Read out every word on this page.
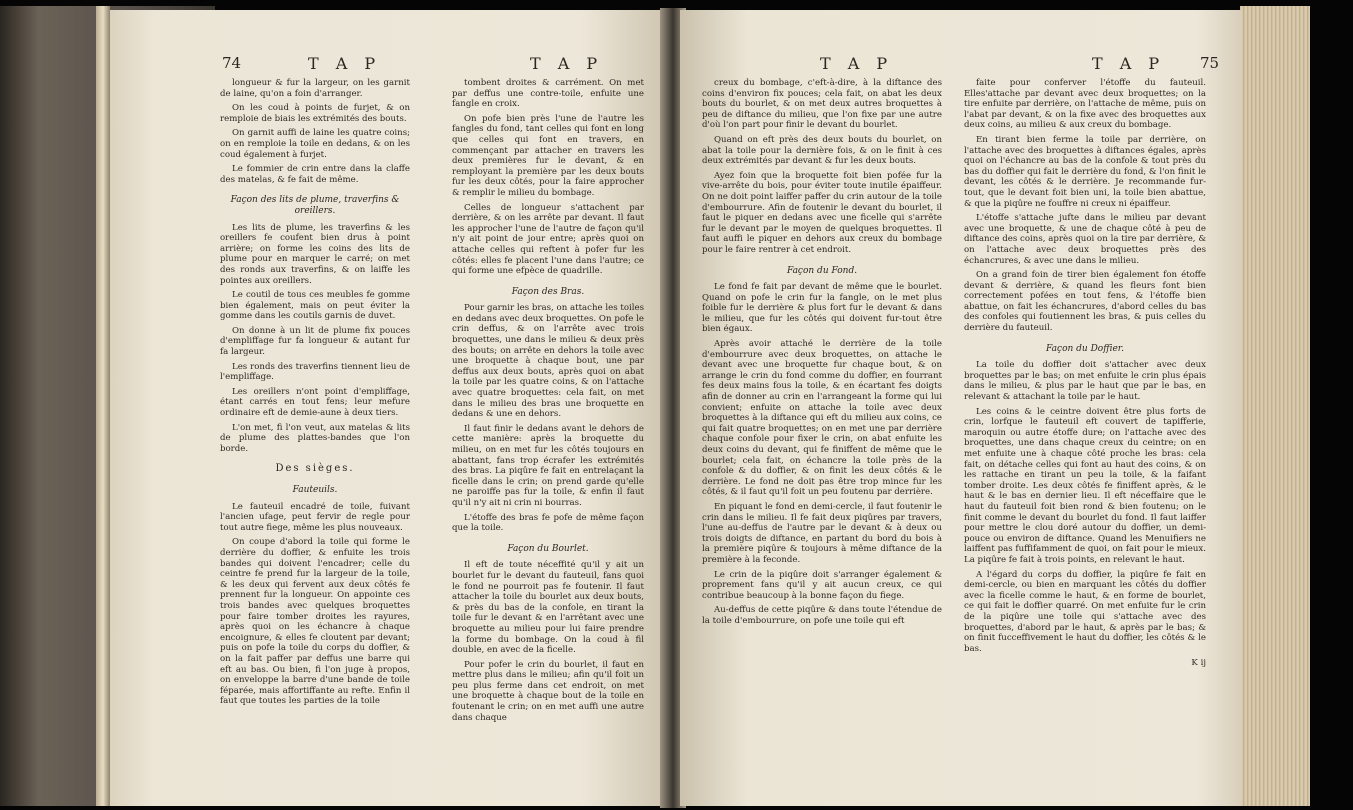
74	T A P	T A P

longueur & fur la largeur, on les garnit de laine, qu'on a foin d'arranger.

On les coud à points de furjet, & on remploie de biais les extrémités des bouts.

On garnit auffi de laine les quatre coins; on en remploie la toile en dedans, & on les coud également à furjet.

Le fommier de crin entre dans la claffe des matelas, & fe fait de même.

Façon des lits de plume, traverfins & oreillers.

Les lits de plume, les traverfins & les oreillers fe coufent bien drus à point arrière; on forme les coins des lits de plume pour en marquer le carré; on met des ronds aux traverfins, & on laiffe les pointes aux oreillers.

Le coutil de tous ces meubles fe gomme bien également, mais on peut éviter la gomme dans les coutils garnis de duvet.

On donne à un lit de plume fix pouces d'empliffage fur fa longueur & autant fur fa largeur.

Les ronds des traverfins tiennent lieu de l'empliffage.

Les oreillers n'ont point d'empliffage, étant carrés en tout fens; leur mefure ordinaire eft de demie-aune à deux tiers.

L'on met, fi l'on veut, aux matelas & lits de plume des plattes-bandes que l'on borde.

Des sièges.
Fauteuils.

Le fauteuil encadré de toile, fuivant l'ancien ufage, peut fervir de regle pour tout autre fiege, même les plus nouveaux.

On coupe d'abord la toile qui forme le derrière du doffier, & enfuite les trois bandes qui doivent l'encadrer; celle du ceintre fe prend fur la largeur de la toile, & les deux qui fervent aux deux côtés fe prennent fur la longueur. On appointe ces trois bandes avec quelques broquettes pour faire tomber droites les rayures, après quoi on les échancre à chaque encoignure, & elles fe cloutent par devant; puis on pofe la toile du corps du doffier, & on la fait paffer par deffus une barre qui eft au bas. Ou bien, fi l'on juge à propos, on enveloppe la barre d'une bande de toile féparée, mais affortiffante au refte. Enfin il faut que toutes les parties de la toile

tombent droites & carrément. On met par deffus une contre-toile, enfuite une fangle en croix.

On pofe bien près l'une de l'autre les fangles du fond, tant celles qui font en long que celles qui font en travers, en commençant par attacher en travers les deux premières fur le devant, & en remployant la première par les deux bouts fur les deux côtés, pour la faire approcher & remplir le milieu du bombage.

Celles de longueur s'attachent par derrière, & on les arrête par devant. Il faut les approcher l'une de l'autre de façon qu'il n'y ait point de jour entre; après quoi on attache celles qui reftent à pofer fur les côtés: elles fe placent l'une dans l'autre; ce qui forme une efpèce de quadrille.

Façon des Bras.

Pour garnir les bras, on attache les toiles en dedans avec deux broquettes. On pofe le crin deffus, & on l'arrête avec trois broquettes, une dans le milieu & deux près des bouts; on arrête en dehors la toile avec une broquette à chaque bout, une par deffus aux deux bouts, après quoi on abat la toile par les quatre coins, & on l'attache avec quatre broquettes: cela fait, on met dans le milieu des bras une broquette en dedans & une en dehors.

Il faut finir le dedans avant le dehors de cette manière: après la broquette du milieu, on en met fur les côtés toujours en abattant, fans trop écrafer les extrémités des bras. La piqûre fe fait en entrelaçant la ficelle dans le crin; on prend garde qu'elle ne paroiffe pas fur la toile, & enfin il faut qu'il n'y ait ni crin ni bourras.

L'étoffe des bras fe pofe de même façon que la toile.

Façon du Bourlet.

Il eft de toute néceffité qu'il y ait un bourlet fur le devant du fauteuil, fans quoi le fond ne pourroit pas fe foutenir. Il faut attacher la toile du bourlet aux deux bouts, & près du bas de la confole, en tirant la toile fur le devant & en l'arrêtant avec une broquette au milieu pour lui faire prendre la forme du bombage. On la coud à fil double, en avec de la ficelle.

Pour pofer le crin du bourlet, il faut en mettre plus dans le milieu; afin qu'il foit un peu plus ferme dans cet endroit, on met une broquette à chaque bout de la toile en foutenant le crin; on en met auffi une autre dans chaque

T A P	T A P 75

creux du bombage, c'eft-à-dire, à la diftance des coins d'environ fix pouces; cela fait, on abat les deux bouts du bourlet, & on met deux autres broquettes à peu de diftance du milieu, que l'on fixe par une autre d'où l'on part pour finir le devant du bourlet.

Quand on eft près des deux bouts du bourlet, on abat la toile pour la dernière fois, & on le finit à ces deux extrémités par devant & fur les deux bouts.

Ayez foin que la broquette foit bien pofée fur la vive-arrête du bois, pour éviter toute inutile épaiffeur. On ne doit point laiffer paffer du crin autour de la toile d'embourrure. Afin de foutenir le devant du bourlet, il faut le piquer en dedans avec une ficelle qui s'arrête fur le devant par le moyen de quelques broquettes. Il faut auffi le piquer en dehors aux creux du bombage pour le faire rentrer à cet endroit.

Façon du Fond.

Le fond fe fait par devant de même que le bourlet. Quand on pofe le crin fur la fangle, on le met plus foible fur le derrière & plus fort fur le devant & dans le milieu, que fur les côtés qui doivent fur-tout être bien égaux.

Après avoir attaché le derrière de la toile d'embourrure avec deux broquettes, on attache le devant avec une broquette fur chaque bout, & on arrange le crin du fond comme du doffier, en fourrant fes deux mains fous la toile, & en écartant fes doigts afin de donner au crin en l'arrangeant la forme qui lui convient; enfuite on attache la toile avec deux broquettes à la diftance qui eft du milieu aux coins, ce qui fait quatre broquettes; on en met une par derrière chaque confole pour fixer le crin, on abat enfuite les deux coins du devant, qui fe finiffent de même que le bourlet; cela fait, on échancre la toile près de la confole & du doffier, & on finit les deux côtés & le derrière. Le fond ne doit pas être trop mince fur les côtés, & il faut qu'il foit un peu foutenu par derrière.

En piquant le fond en demi-cercle, il faut foutenir le crin dans le milieu. Il fe fait deux piqûres par travers, l'une au-deffus de l'autre par le devant & à deux ou trois doigts de diftance, en partant du bord du bois à la première piqûre & toujours à même diftance de la première à la feconde.

Le crin de la piqûre doit s'arranger également & proprement fans qu'il y ait aucun creux, ce qui contribue beaucoup à la bonne façon du fiege.

Au-deffus de cette piqûre & dans toute l'étendue de la toile d'embourrure, on pofe une toile qui eft

faite pour conferver l'étoffe du fauteuil. Elles'attache par devant avec deux broquettes; on la tire enfuite par derrière, on l'attache de même, puis on l'abat par devant, & on la fixe avec des broquettes aux deux coins, au milieu & aux creux du bombage.

En tirant bien ferme la toile par derrière, on l'attache avec des broquettes à diftances égales, après quoi on l'échancre au bas de la confole & tout près du bas du doffier qui fait le derrière du fond, & l'on finit le devant, les côtés & le derrière. Je recommande fur-tout, que le devant foit bien uni, la toile bien abattue, & que la piqûre ne fouffre ni creux ni épaiffeur.

L'étoffe s'attache jufte dans le milieu par devant avec une broquette, & une de chaque côté à peu de diftance des coins, après quoi on la tire par derrière, & on l'attache avec deux broquettes près des échancrures, & avec une dans le milieu.

On a grand foin de tirer bien également fon étoffe devant & derrière, & quand les fleurs font bien correctement pofées en tout fens, & l'étoffe bien abattue, on fait les échancrures, d'abord celles du bas des confoles qui foutiennent les bras, & puis celles du derrière du fauteuil.

Façon du Doffier.

La toile du doffier doit s'attacher avec deux broquettes par le bas; on met enfuite le crin plus épais dans le milieu, & plus par le haut que par le bas, en relevant & attachant la toile par le haut.

Les coins & le ceintre doivent être plus forts de crin, lorfque le fauteuil eft couvert de tapifferie, maroquin ou autre étoffe dure; on l'attache avec des broquettes, une dans chaque creux du ceintre; on en met enfuite une à chaque côté proche les bras: cela fait, on détache celles qui font au haut des coins, & on les rattache en tirant un peu la toile, & la faifant tomber droite. Les deux côtés fe finiffent après, & le haut & le bas en dernier lieu. Il eft néceffaire que le haut du fauteuil foit bien rond & bien foutenu; on le finit comme le devant du bourlet du fond. Il faut laiffer pour mettre le clou doré autour du doffier, un demi-pouce ou environ de diftance. Quand les Menuifiers ne laiffent pas fuffifamment de quoi, on fait pour le mieux. La piqûre fe fait à trois points, en relevant le haut.

A l'égard du corps du doffier, la piqûre fe fait en demi-cercle, ou bien en marquant les côtés du doffier avec la ficelle comme le haut, & en forme de bourlet, ce qui fait le doffier quarré. On met enfuite fur le crin de la piqûre une toile qui s'attache avec des broquettes, d'abord par le haut, & après par le bas; & on finit fucceffivement le haut du doffier, les côtés & le bas.

K ij
